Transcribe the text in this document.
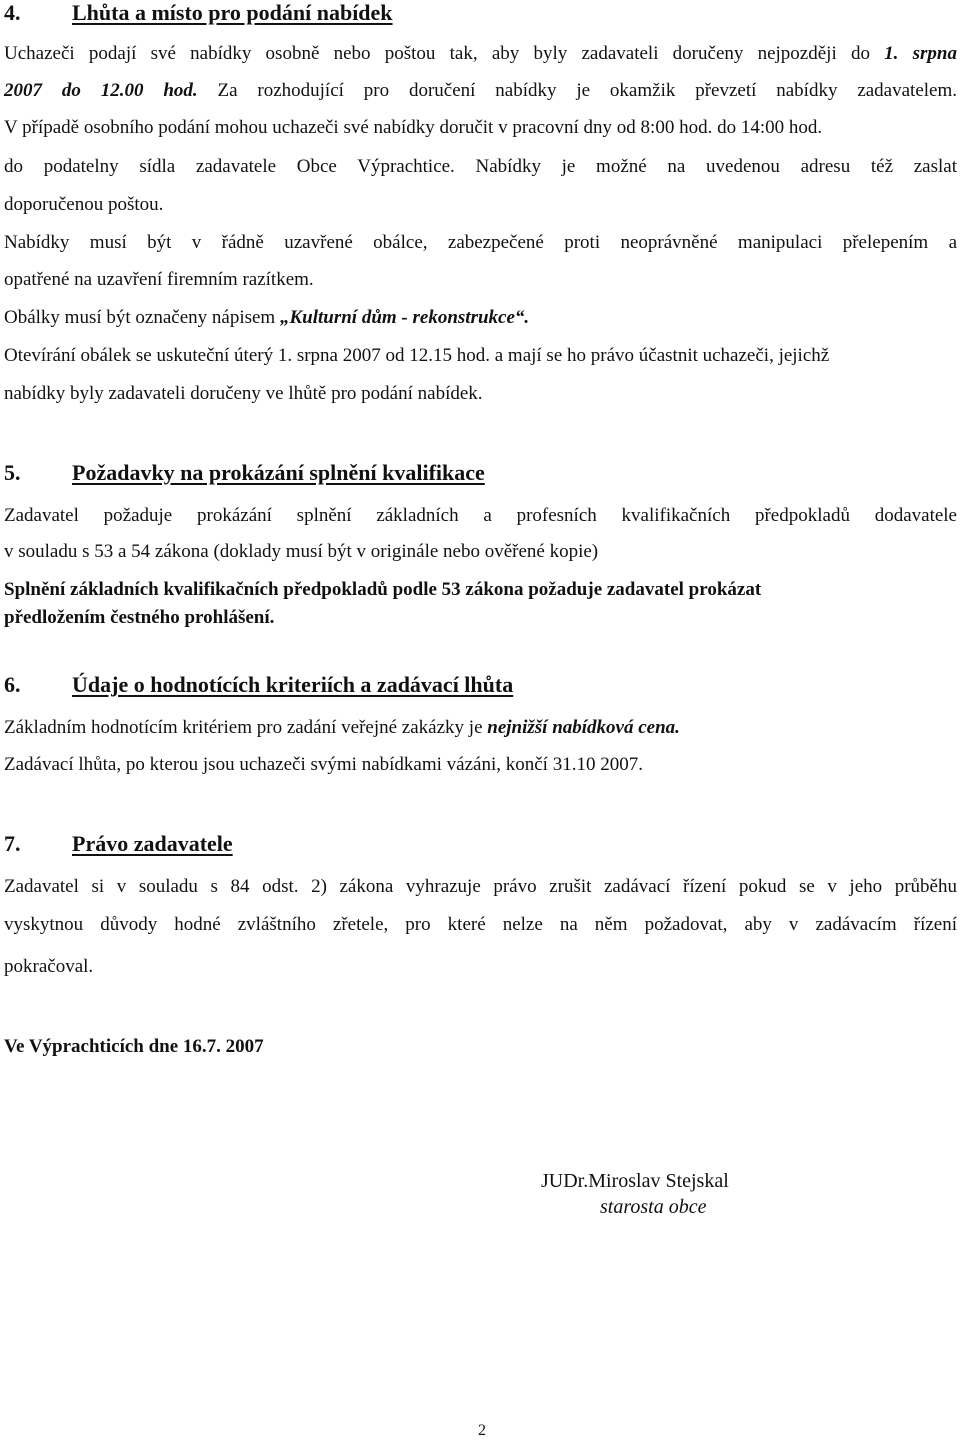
4. Lhůta a místo pro podání nabídek
Uchazeči podají své nabídky osobně nebo poštou tak, aby byly zadavateli doručeny nejpozději do 1. srpna
2007 do 12.00 hod. Za rozhodující pro doručení nabídky je okamžik převzetí nabídky zadavatelem.
V případě osobního podání mohou uchazeči své nabídky doručit v pracovní dny od 8:00 hod. do 14:00 hod.
do podatelny sídla zadavatele Obce Výprachtice. Nabídky je možné na uvedenou adresu též zaslat
doporučenou poštou.
Nabídky musí být v řádně uzavřené obálce, zabezpečené proti neoprávněné manipulaci přelepením a
opatřené na uzavření firemním razítkem.
Obálky musí být označeny nápisem „Kulturní dům - rekonstrukce“.
Otevírání obálek se uskuteční úterý 1. srpna 2007 od 12.15 hod. a mají se ho právo účastnit uchazeči, jejichž
nabídky byly zadavateli doručeny ve lhůtě pro podání nabídek.
5. Požadavky na prokázání splnění kvalifikace
Zadavatel požaduje prokázání splnění základních a profesních kvalifikačních předpokladů dodavatele
v souladu s 53 a 54 zákona (doklady musí být v originále nebo ověřené kopie)
Splnění základních kvalifikačních předpokladů podle 53 zákona požaduje zadavatel prokázat
předložením čestného prohlášení.
6. Údaje o hodnotících kriteriích a zadávací lhůta
Základním hodnotícím kritériem pro zadání veřejné zakázky je nejnižší nabídková cena.
Zadávací lhůta, po kterou jsou uchazeči svými nabídkami vázáni, končí 31.10 2007.
7. Právo zadavatele
Zadavatel si v souladu s 84 odst. 2) zákona vyhrazuje právo zrušit zadávací řízení pokud se v jeho průběhu
vyskytnou důvody hodné zvláštního zřetele, pro které nelze na něm požadovat, aby v zadávacím řízení
pokračoval.
Ve Výprachticích dne 16.7. 2007
JUDr.Miroslav Stejskal
starosta obce
2
